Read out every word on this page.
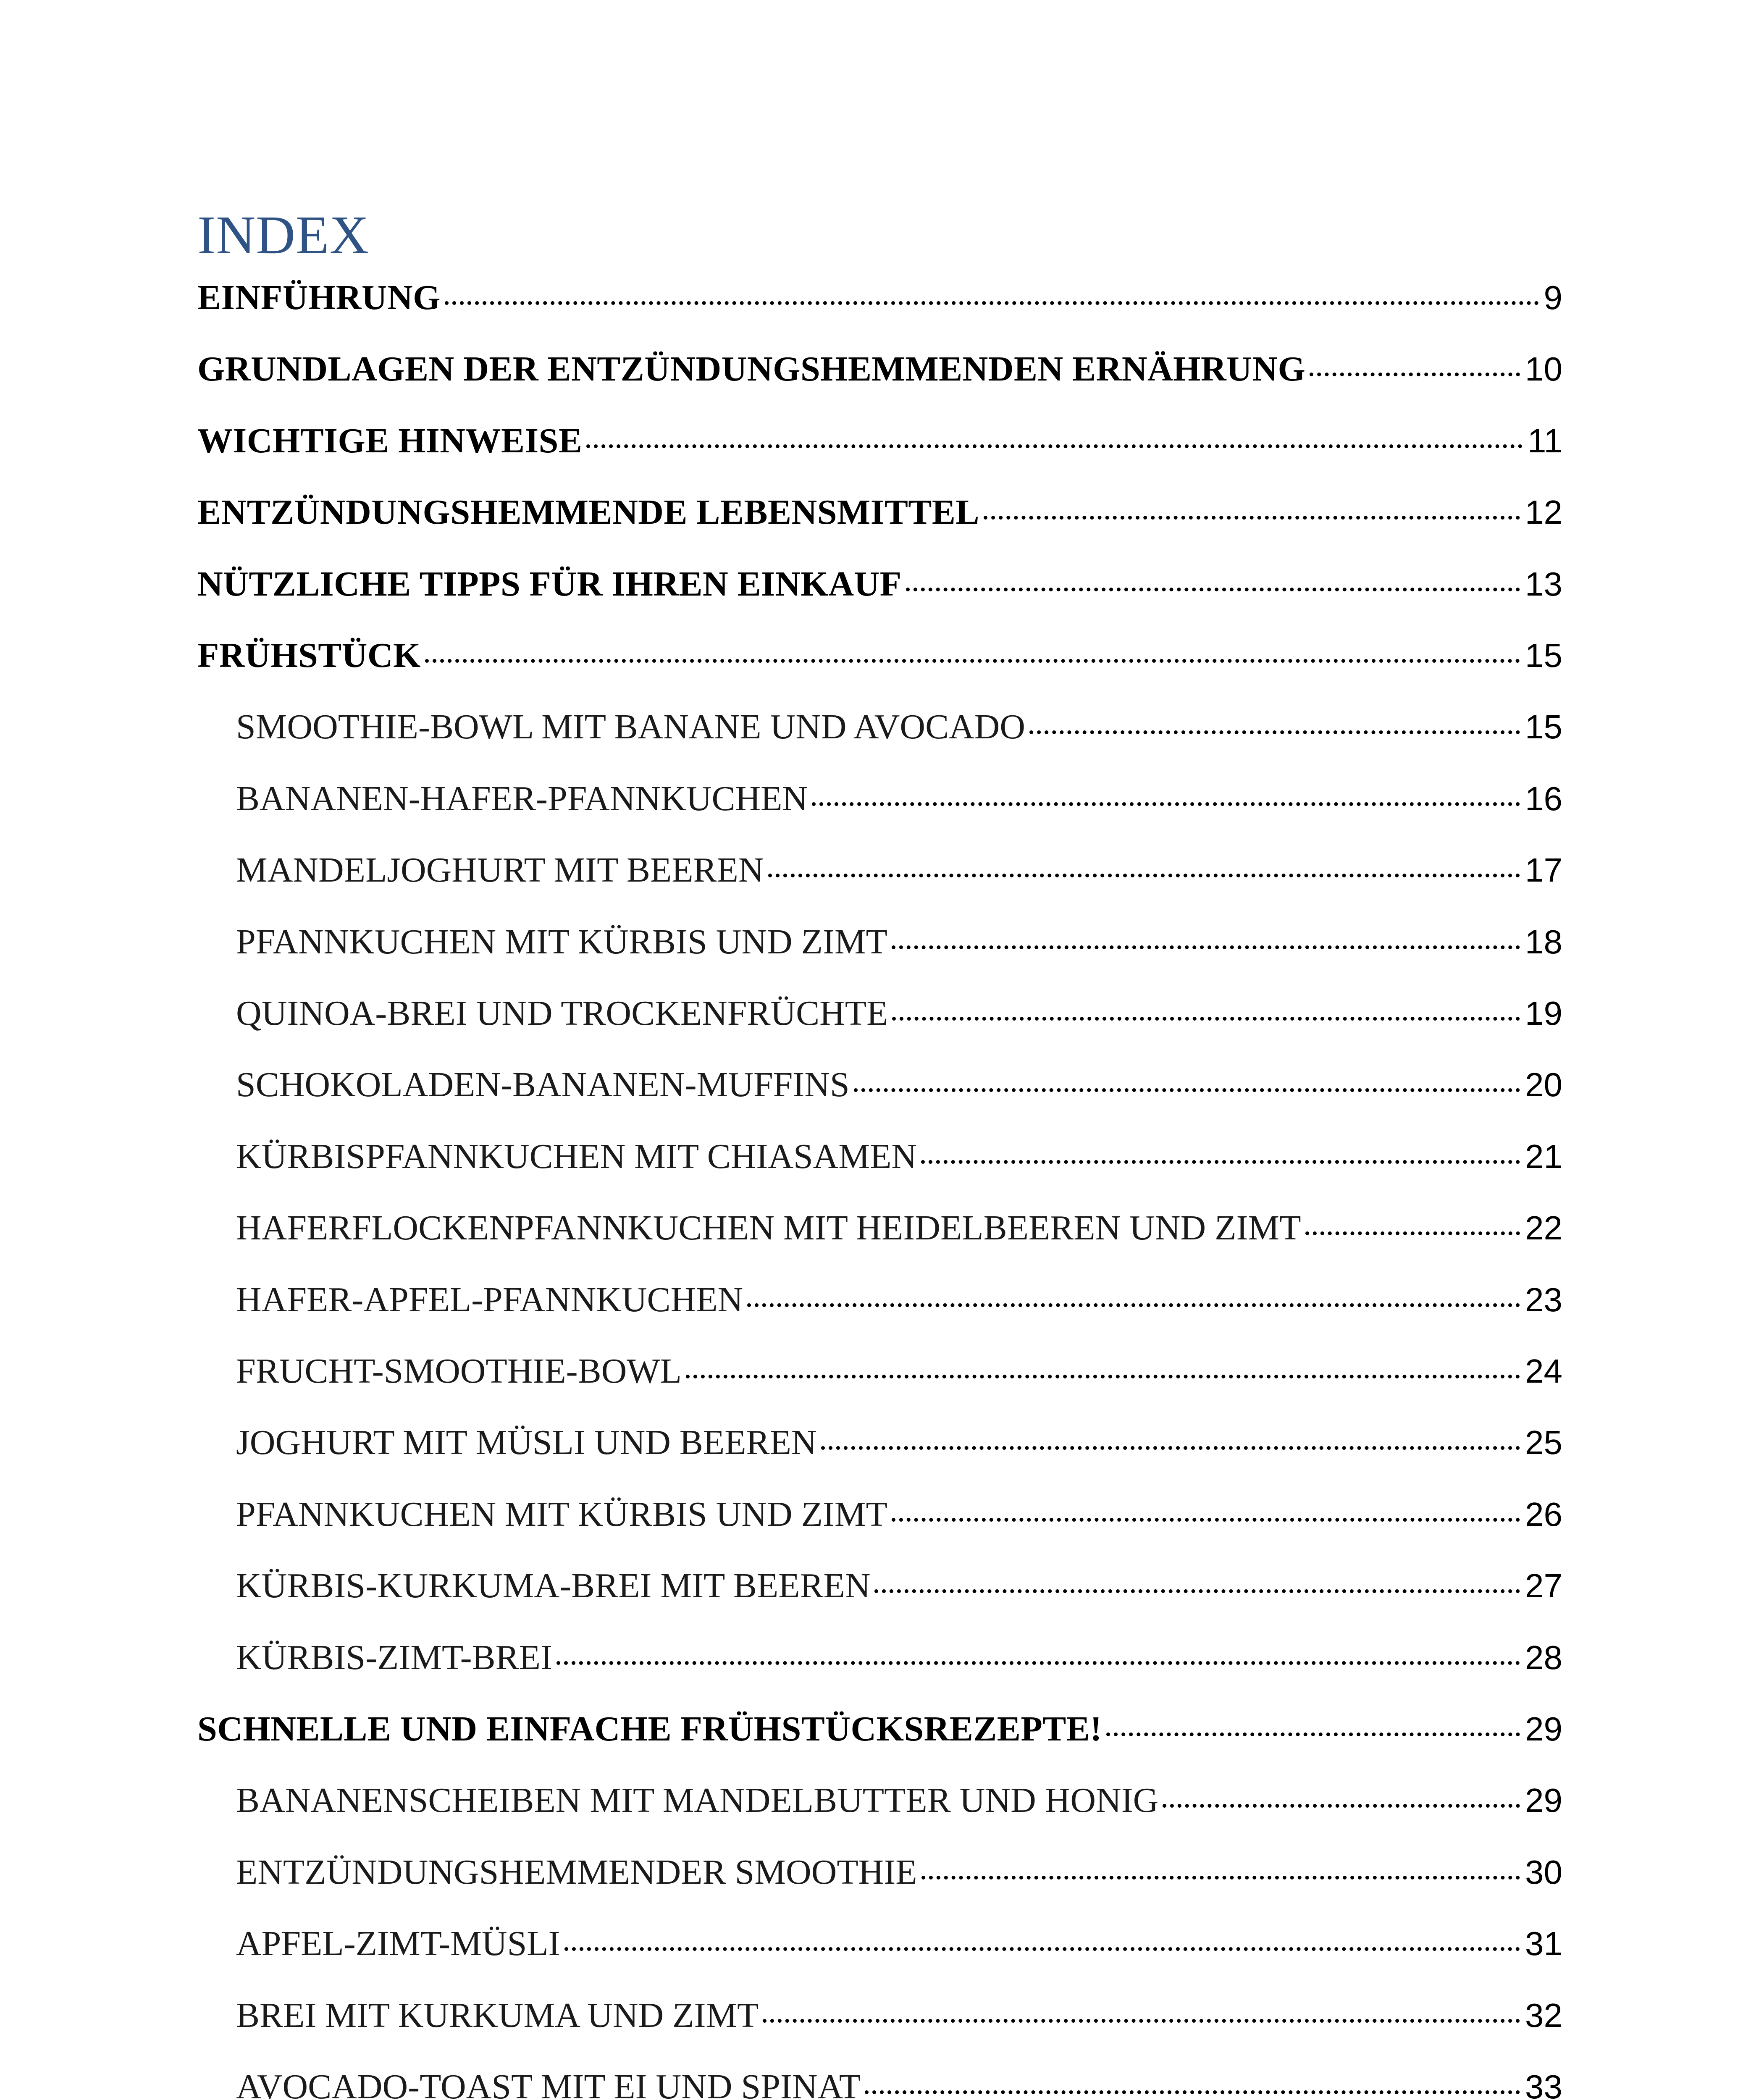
INDEX
EINFÜHRUNG	9
GRUNDLAGEN DER ENTZÜNDUNGSHEMMENDEN ERNÄHRUNG	10
WICHTIGE HINWEISE	11
ENTZÜNDUNGSHEMMENDE LEBENSMITTEL	12
NÜTZLICHE TIPPS FÜR IHREN EINKAUF	13
FRÜHSTÜCK	15
SMOOTHIE-BOWL MIT BANANE UND AVOCADO	15
BANANEN-HAFER-PFANNKUCHEN	16
MANDELJOGHURT MIT BEEREN	17
PFANNKUCHEN MIT KÜRBIS UND ZIMT	18
QUINOA-BREI UND TROCKENFRÜCHTE	19
SCHOKOLADEN-BANANEN-MUFFINS	20
KÜRBISPFANNKUCHEN MIT CHIASAMEN	21
HAFERFLOCKENPFANNKUCHEN MIT HEIDELBEEREN UND ZIMT	22
HAFER-APFEL-PFANNKUCHEN	23
FRUCHT-SMOOTHIE-BOWL	24
JOGHURT MIT MÜSLI UND BEEREN	25
PFANNKUCHEN MIT KÜRBIS UND ZIMT	26
KÜRBIS-KURKUMA-BREI MIT BEEREN	27
KÜRBIS-ZIMT-BREI	28
SCHNELLE UND EINFACHE FRÜHSTÜCKSREZEPTE!	29
BANANENSCHEIBEN MIT MANDELBUTTER UND HONIG	29
ENTZÜNDUNGSHEMMENDER SMOOTHIE	30
APFEL-ZIMT-MÜSLI	31
BREI MIT KURKUMA UND ZIMT	32
AVOCADO-TOAST MIT EI UND SPINAT	33
